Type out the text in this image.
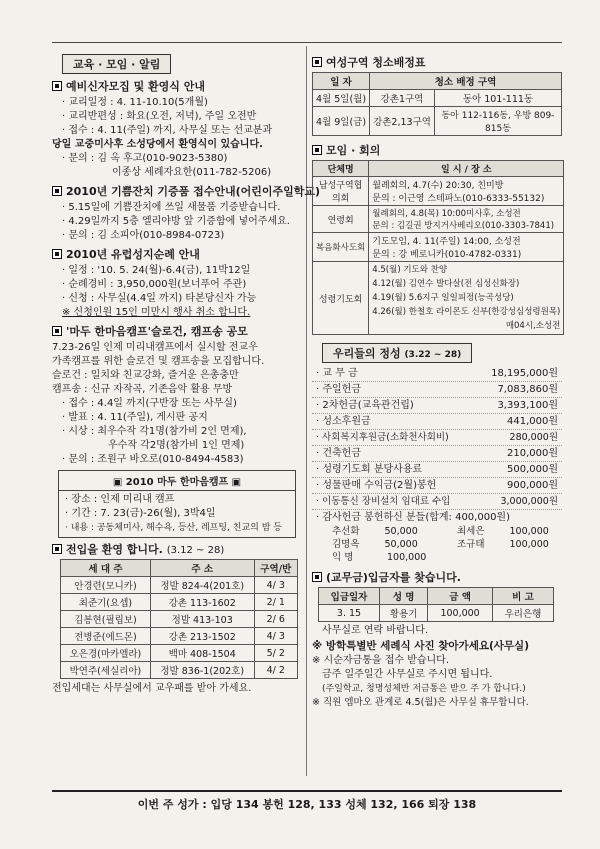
교육 · 모임 · 알림
예비신자모집 및 환영식 안내
· 교리일정 : 4. 11-10.10(5개월)
· 교리반편성 : 화요(오전, 저녁), 주일 오전반
· 접수 : 4. 11(주일) 까지, 사무실 또는 선교분과
당일 교중미사후 소성당에서 환영식이 있습니다.
· 문의 : 김 옥 후고(010-9023-5380)
이종상 세례자요한(011-782-5206)
2010년 기쁨잔치 기증품 접수안내(어린이주일학교)
· 5.15일에 기쁨잔치에 쓰일 새물품 기증받습니다.
· 4.29일까지 5층 엘리야방 앞 기증함에 넣어주세요.
· 문의 : 김 소피아(010-8984-0723)
2010년 유럽성지순례 안내
· 일정 : '10. 5. 24(월)-6.4(금), 11박12일
· 순례경비 : 3,950,000원(보너푸어 주관)
· 신청 : 사무실(4.4일 까지) 타본당신자 가능
※ 신청인원 15인 미만시 행사 취소 합니다.
'마두 한마음캠프'슬로건, 캠프송 공모
7.23-26일 인제 미리내캠프에서 실시할 전교우
가족캠프를 위한 슬로건 및 캠프송을 모집합니다.
슬로건 : 일치와 친교강화, 즐거운 은총충만
캠프송 : 신규 자작곡, 기존음악 활용 무방
· 접수 : 4.4일 까지(구반장 또는 사무실)
· 발표 : 4. 11(주일), 게시판 공지
· 시상 : 최우수작 각1명(참가비 2인 면제),
우수작 각2명(참가비 1인 면제)
· 문의 : 조원구 바오로(010-8494-4583)
▣ 2010 마두 한마음캠프 ▣
· 장소 : 인제 미리내 캠프
· 기간 : 7. 23(금)-26(월), 3박4일
· 내용 : 공동체미사, 해수욕, 등산, 레프팅, 친교의 밤 등
전입을 환영 합니다. (3.12 ~ 28)
세 대 주	주 소	구역/반
안경련(모니카)	정발 824-4(201호)	4/ 3
최준기(요셉)	강촌 113-1602	2/ 1
김봉현(필립보)	정발 413-103	2/ 6
전병준(에드몬)	강촌 213-1502	4/ 3
오은경(마카엘라)	백마 408-1504	5/ 2
박연주(세실리아)	정발 836-1(202호)	4/ 2
전입세대는 사무실에서 교우패를 받아 가세요.
여성구역 청소배정표
일 자	청소 배정 구역	
4월 5일(월)	강촌1구역	동아 101-111동
4월 9일(금)	강촌2,13구역	동아 112-116동, 우방 809-815동
모임 · 회의
단체명	일 시 / 장 소
남성구역협의회	월례회의, 4.7(수) 20:30, 친미방
문의 : 이근영 스테파노(010-6333-55132)

연령회	월례회의, 4.8(목) 10:00미사후, 소성전
문의 : 김길권 방지거사베리오(010-3303-7841)

복음화사도회	기도모임, 4. 11(주일) 14:00, 소성전
문의 : 강 베로니카(010-4782-0331)

성령기도회	4.5(월) 기도와 찬양
4.12(월) 김연수 발다살(전 심성신화장)
4.19(월) 5.6지구 일일피정(능곡성당)
4.26(월) 한철호 라이몬도 신부(한강성심성령원목)
매04시,소성전
우리들의 정성 (3.22 ~ 28)
· 교 무 금	18,195,000원
· 주일헌금	7,083,860원
· 2차헌금(교육관건립)	3,393,100원
· 성소후원금	441,000원
· 사회복지후원금(소화천사회비)	280,000원
· 건축헌금	210,000원
· 성령기도회 분당사용료	500,000원
· 성물판매 수익금(2월)봉헌	900,000원
· 이동통신 장비설치 임대료 수입	3,000,000원
· 감사헌금 봉헌하신 분들(합계: 400,000원)
추선화	50,000	최세은	100,000
김명옥	50,000	조규태	100,000
익 명	100,000
(교무금)입금자를 찾습니다.
입금일자	성 명	금 액	비 고
3. 15	황용기	100,000	우리은행
사무실로 연락 바랍니다.
※ 방학특별반 세례식 사진 찾아가세요(사무실)
※ 시순자금통을 접수 받습니다.
금주 일주일간 사무실로 주시면 됩니다.
(주일학교, 청명성체반 저금통은 받으 주 가 합니다.)
※ 직원 엠마오 관계로 4.5(월)은 사무실 휴무합니다.
이번 주 성가 : 입당 134 봉헌 128, 133 성체 132, 166 퇴장 138
